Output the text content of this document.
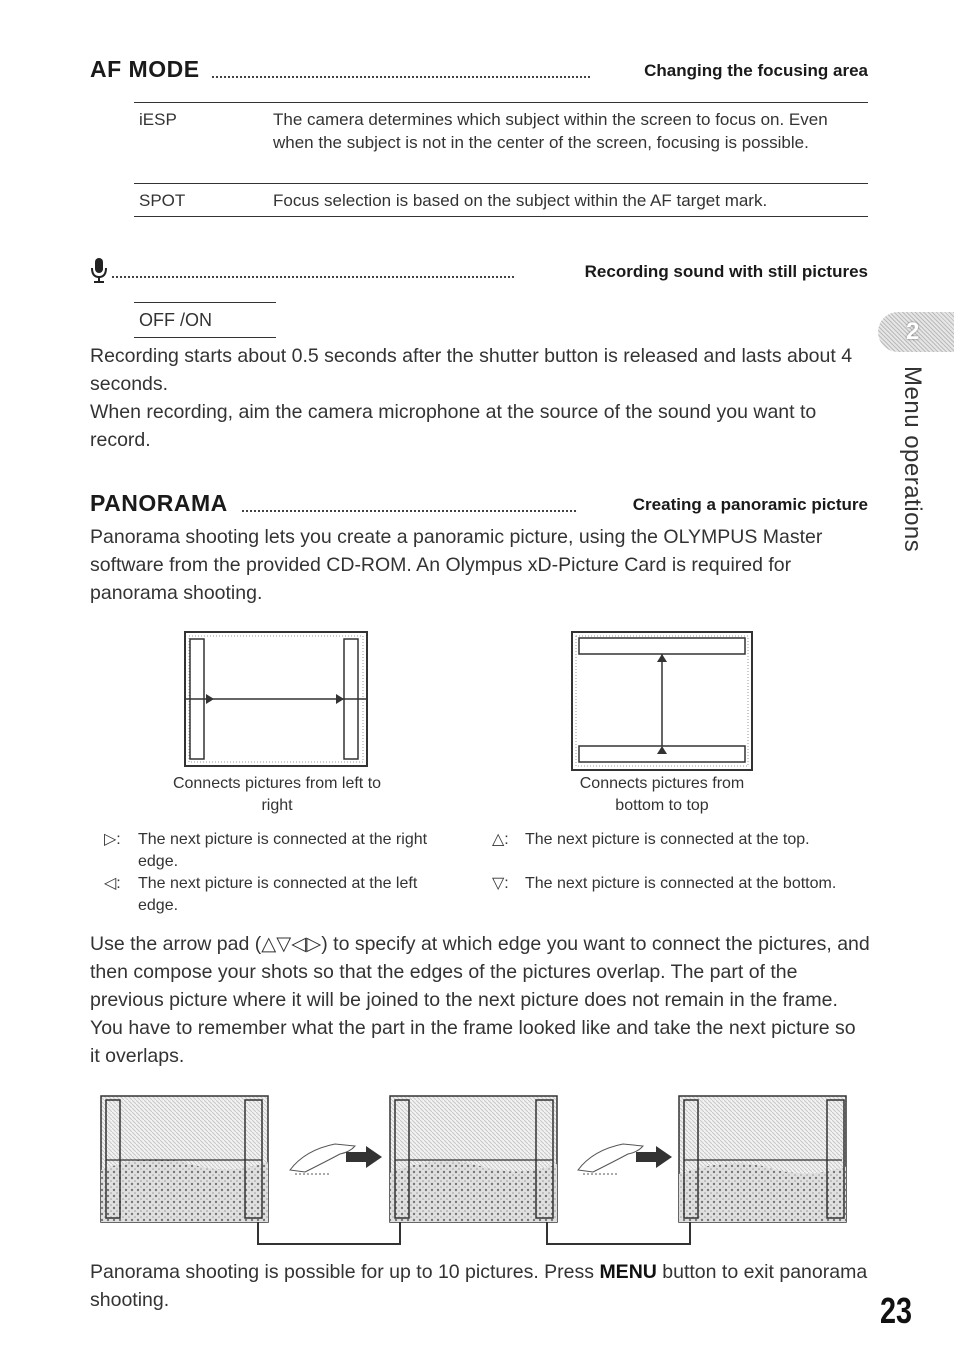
AF MODE	Changing the focusing area
iESP	The camera determines which subject within the screen to focus on. Even when the subject is not in the center of the screen, focusing is possible.
SPOT	Focus selection is based on the subject within the AF target mark.
Recording sound with still pictures
OFF /ON
Recording starts about 0.5 seconds after the shutter button is released and lasts about 4 seconds.
When recording, aim the camera microphone at the source of the sound you want to record.
2
Menu operations
PANORAMA	Creating a panoramic picture
Panorama shooting lets you create a panoramic picture, using the OLYMPUS Master software from the provided CD-ROM. An Olympus xD-Picture Card is required for panorama shooting.
Connects pictures from left to right
Connects pictures from bottom to top
▷: The next picture is connected at the right edge.
◁: The next picture is connected at the left edge.
△: The next picture is connected at the top.
▽: The next picture is connected at the bottom.
Use the arrow pad (△▽◁▷) to specify at which edge you want to connect the pictures, and then compose your shots so that the edges of the pictures overlap. The part of the previous picture where it will be joined to the next picture does not remain in the frame. You have to remember what the part in the frame looked like and take the next picture so it overlaps.
Panorama shooting is possible for up to 10 pictures. Press MENU button to exit panorama shooting.	23
